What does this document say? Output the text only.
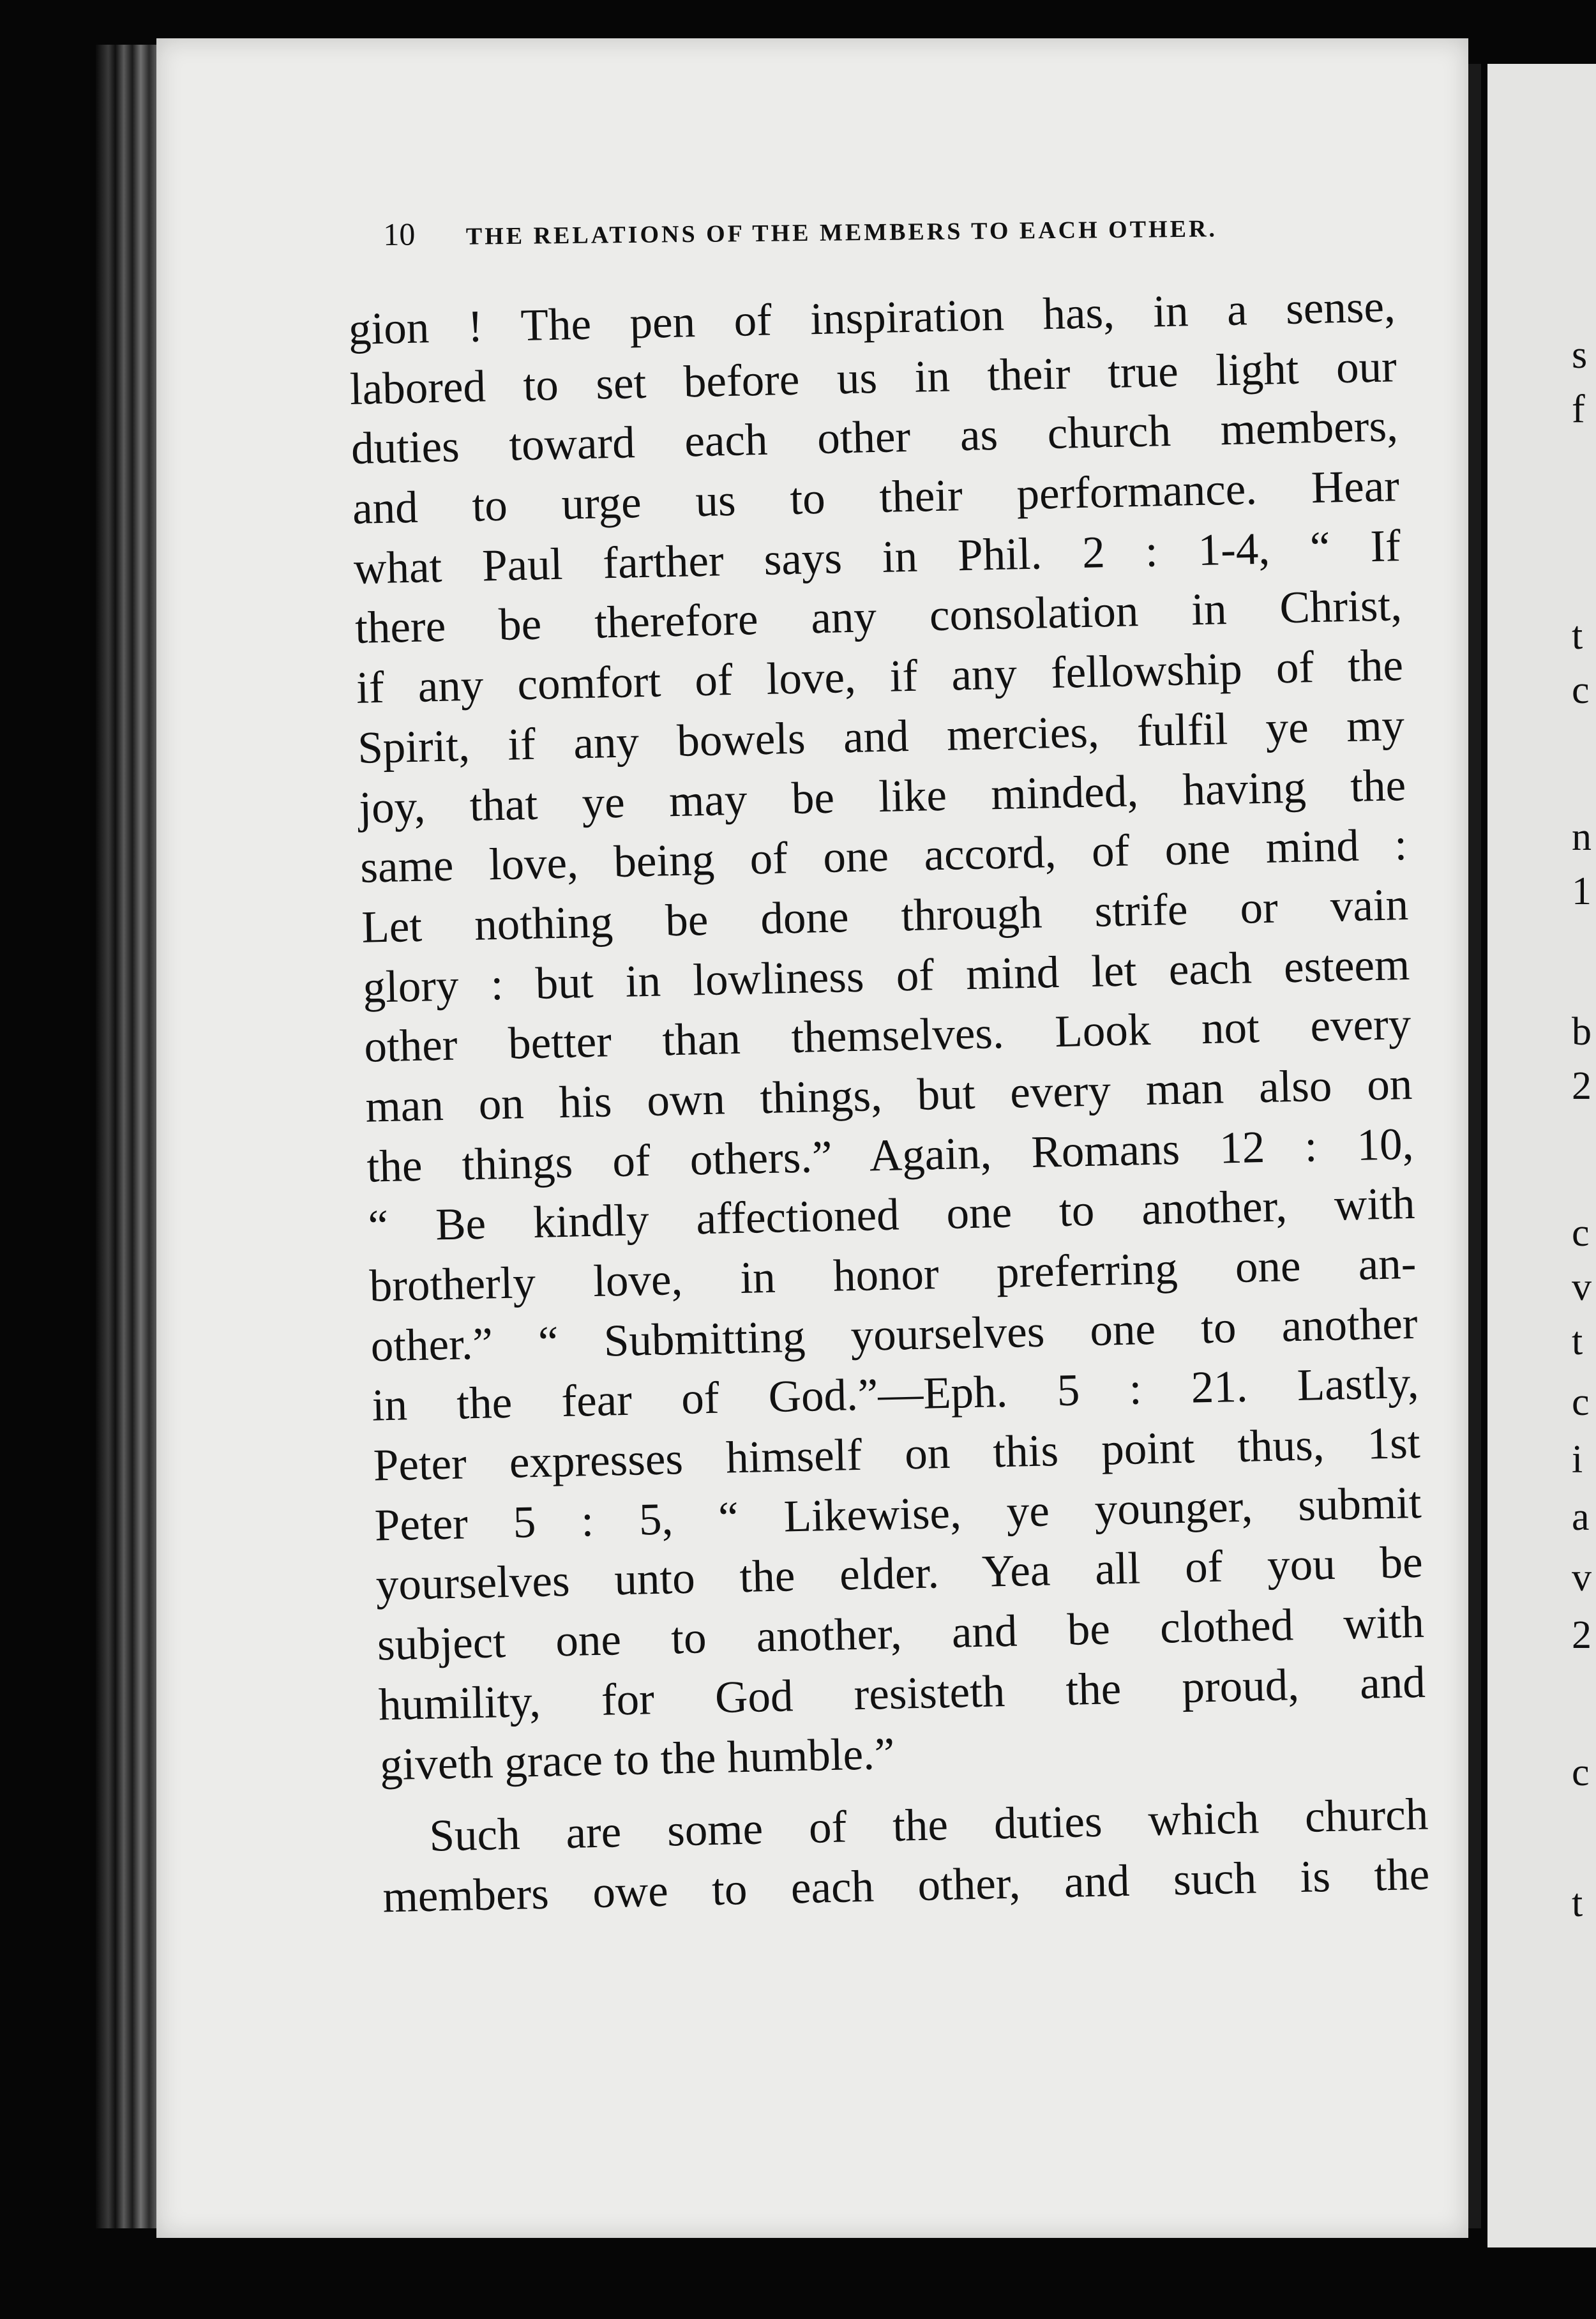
s
f
t
c
n
1
b
2
c
v
t
c
i
a
v
2
c
t
10 THE RELATIONS OF THE MEMBERS TO EACH OTHER.
gion ! The pen of inspiration has, in a sense,
labored to set before us in their true light our
duties toward each other as church members,
and to urge us to their performance. Hear
what Paul farther says in Phil. 2 : 1-4, “ If
there be therefore any consolation in Christ,
if any comfort of love, if any fellowship of the
Spirit, if any bowels and mercies, fulfil ye my
joy, that ye may be like minded, having the
same love, being of one accord, of one mind :
Let nothing be done through strife or vain
glory : but in lowliness of mind let each esteem
other better than themselves. Look not every
man on his own things, but every man also on
the things of others.” Again, Romans 12 : 10,
“ Be kindly affectioned one to another, with
brotherly love, in honor preferring one an-
other.” “ Submitting yourselves one to another
in the fear of God.”—Eph. 5 : 21. Lastly,
Peter expresses himself on this point thus, 1st
Peter 5 : 5, “ Likewise, ye younger, submit
yourselves unto the elder. Yea all of you be
subject one to another, and be clothed with
humility, for God resisteth the proud, and
giveth grace to the humble.”
Such are some of the duties which church
members owe to each other, and such is the
